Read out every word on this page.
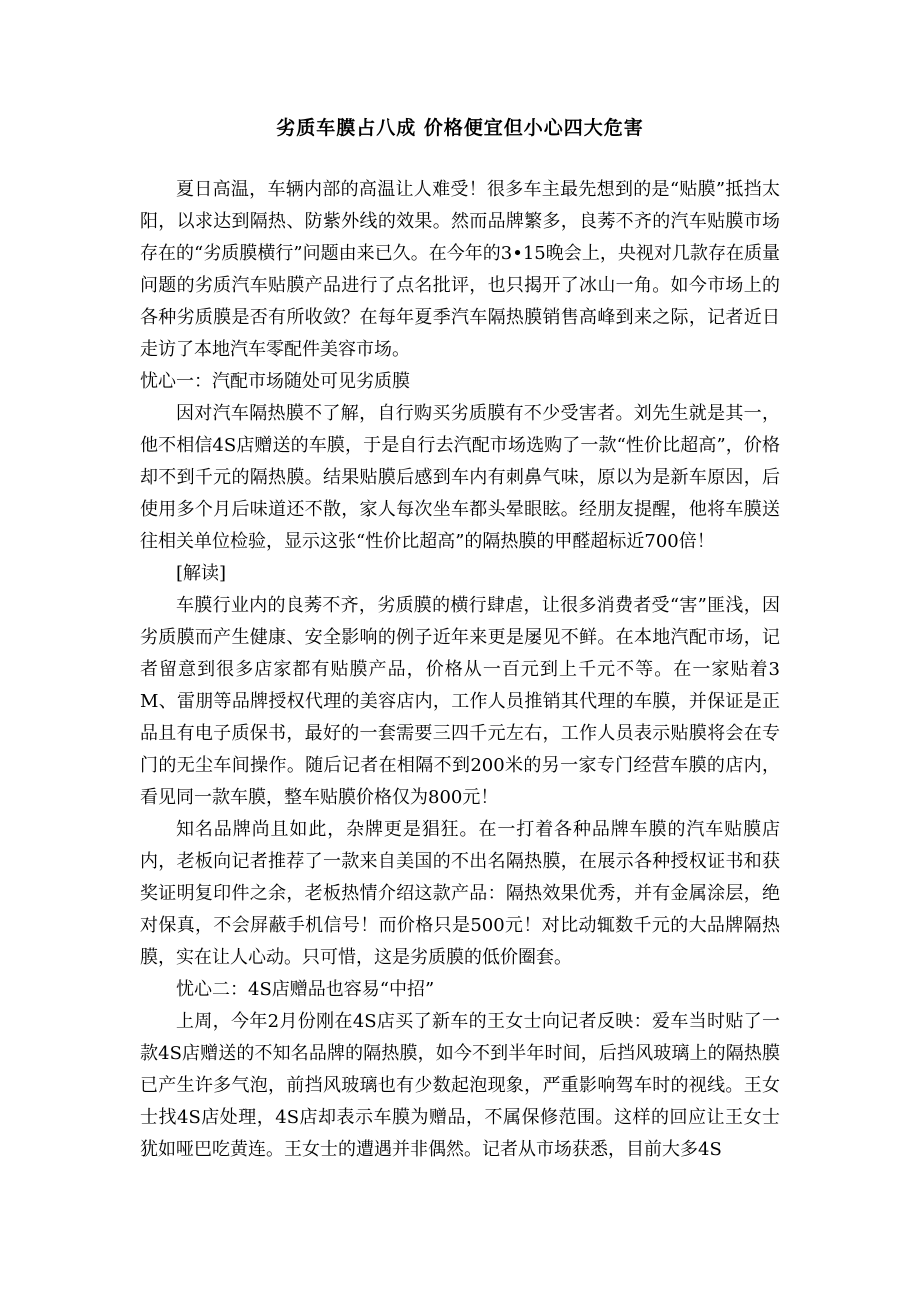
劣质车膜占八成 价格便宜但小心四大危害

夏日高温，车辆内部的高温让人难受！很多车主最先想到的是“贴膜”抵挡太阳，以求达到隔热、防紫外线的效果。然而品牌繁多，良莠不齐的汽车贴膜市场存在的“劣质膜横行”问题由来已久。在今年的3•15晚会上，央视对几款存在质量问题的劣质汽车贴膜产品进行了点名批评，也只揭开了冰山一角。如今市场上的各种劣质膜是否有所收敛？在每年夏季汽车隔热膜销售高峰到来之际，记者近日走访了本地汽车零配件美容市场。

忧心一：汽配市场随处可见劣质膜

因对汽车隔热膜不了解，自行购买劣质膜有不少受害者。刘先生就是其一，他不相信4S店赠送的车膜，于是自行去汽配市场选购了一款“性价比超高”，价格却不到千元的隔热膜。结果贴膜后感到车内有刺鼻气味，原以为是新车原因，后使用多个月后味道还不散，家人每次坐车都头晕眼眩。经朋友提醒，他将车膜送往相关单位检验，显示这张“性价比超高”的隔热膜的甲醛超标近700倍！

[解读]

车膜行业内的良莠不齐，劣质膜的横行肆虐，让很多消费者受“害”匪浅，因劣质膜而产生健康、安全影响的例子近年来更是屡见不鲜。在本地汽配市场，记者留意到很多店家都有贴膜产品，价格从一百元到上千元不等。在一家贴着3M、雷朋等品牌授权代理的美容店内，工作人员推销其代理的车膜，并保证是正品且有电子质保书，最好的一套需要三四千元左右，工作人员表示贴膜将会在专门的无尘车间操作。随后记者在相隔不到200米的另一家专门经营车膜的店内，看见同一款车膜，整车贴膜价格仅为800元！

知名品牌尚且如此，杂牌更是猖狂。在一打着各种品牌车膜的汽车贴膜店内，老板向记者推荐了一款来自美国的不出名隔热膜，在展示各种授权证书和获奖证明复印件之余，老板热情介绍这款产品：隔热效果优秀，并有金属涂层，绝对保真，不会屏蔽手机信号！而价格只是500元！对比动辄数千元的大品牌隔热膜，实在让人心动。只可惜，这是劣质膜的低价圈套。

忧心二：4S店赠品也容易“中招”

上周，今年2月份刚在4S店买了新车的王女士向记者反映：爱车当时贴了一款4S店赠送的不知名品牌的隔热膜，如今不到半年时间，后挡风玻璃上的隔热膜已产生许多气泡，前挡风玻璃也有少数起泡现象，严重影响驾车时的视线。王女士找4S店处理，4S店却表示车膜为赠品，不属保修范围。这样的回应让王女士犹如哑巴吃黄连。王女士的遭遇并非偶然。记者从市场获悉，目前大多4S
